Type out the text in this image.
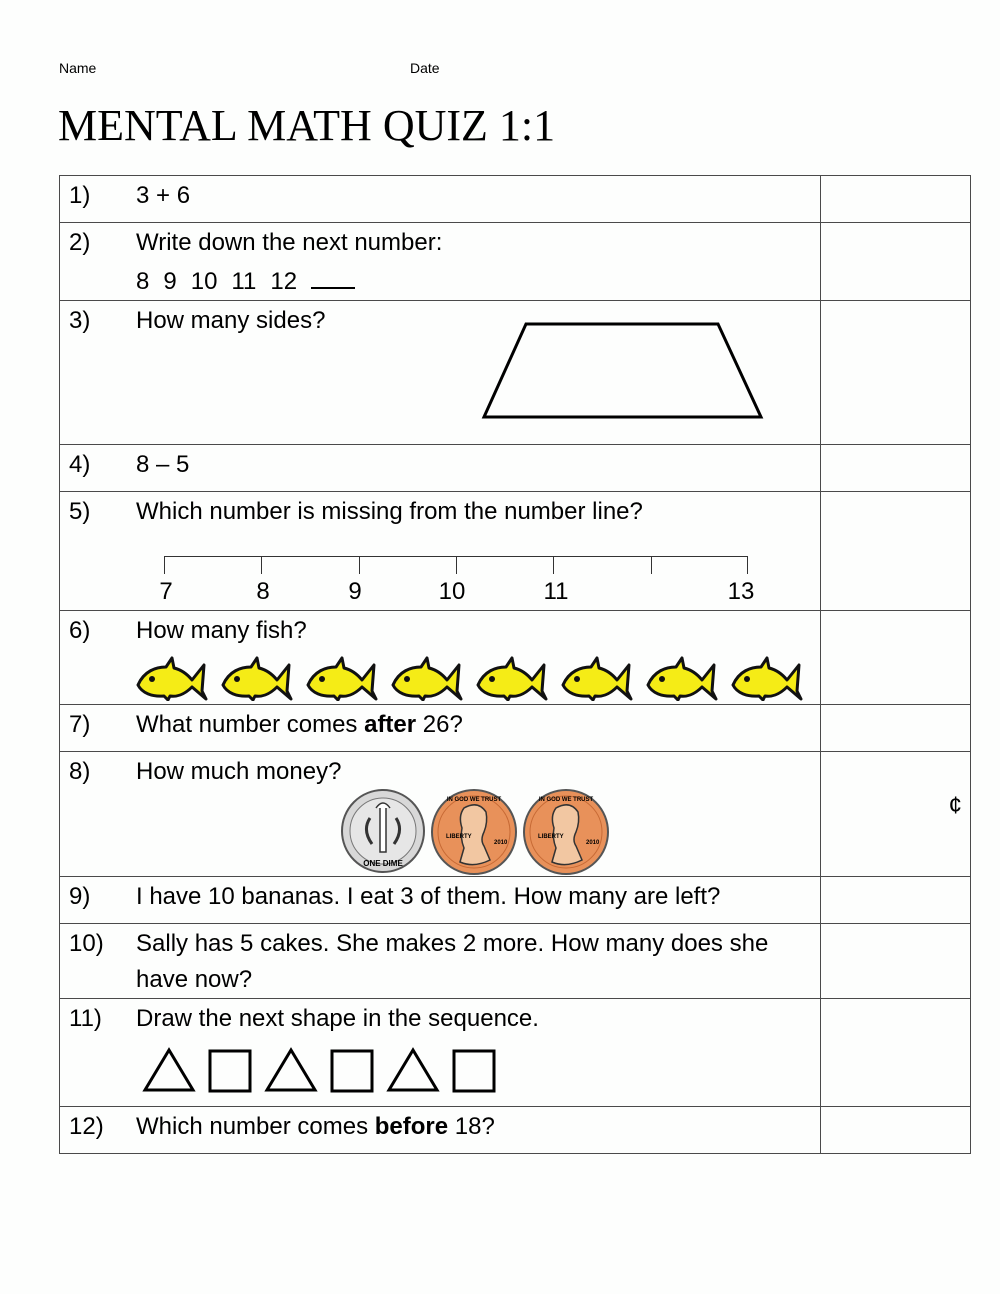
Name	Date
MENTAL MATH QUIZ 1:1
1) 3 + 6	

2) Write down the next number:
8 9 10 11 12	

3) How many sides?	

4) 8 – 5	

5)	Which number is missing from the number line?
7	8	9	10	11	13

6) How many fish?	

7) What number comes after 26?	

8)	How much money?
ONE DIME
IN GOD WE TRUST
LIBERTY
2010
IN GOD WE TRUST
LIBERTY
2010
	¢

9) I have 10 bananas. I eat 3 of them. How many are left?	

10) Sally has 5 cakes. She makes 2 more. How many does she have now?	

11) Draw the next shape in the sequence.	

12) Which number comes before 18?	
